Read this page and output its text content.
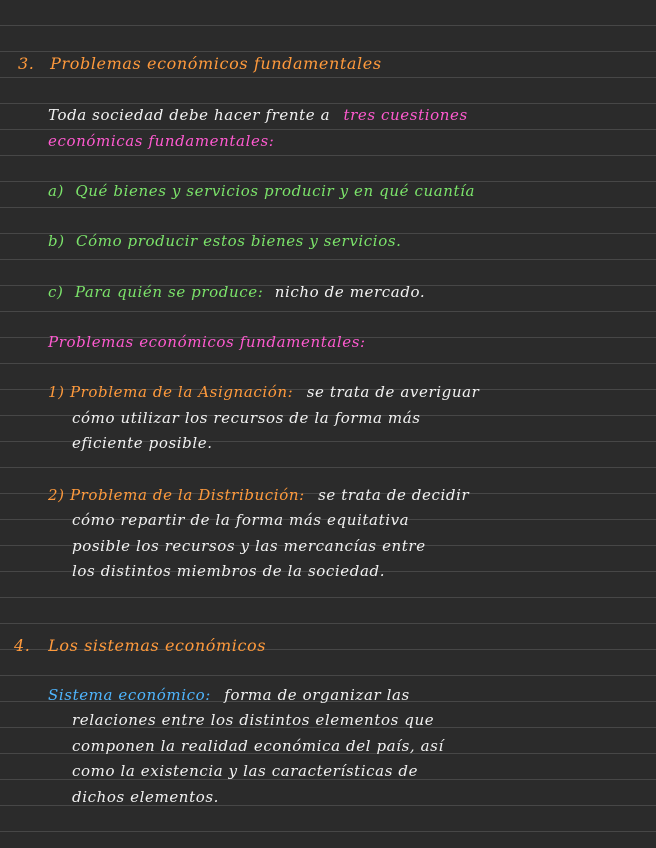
3. Problemas económicos fundamentales
Toda sociedad debe hacer frente a tres cuestiones
económicas fundamentales:
a) Qué bienes y servicios producir y en qué cuantía
b) Cómo producir estos bienes y servicios.
c) Para quién se produce: nicho de mercado.
Problemas económicos fundamentales:
1) Problema de la Asignación: se trata de averiguar
cómo utilizar los recursos de la forma más
eficiente posible.
2) Problema de la Distribución: se trata de decidir
cómo repartir de la forma más equitativa
posible los recursos y las mercancías entre
los distintos miembros de la sociedad.
4. Los sistemas económicos
Sistema económico: forma de organizar las
relaciones entre los distintos elementos que
componen la realidad económica del país, así
como la existencia y las características de
dichos elementos.
